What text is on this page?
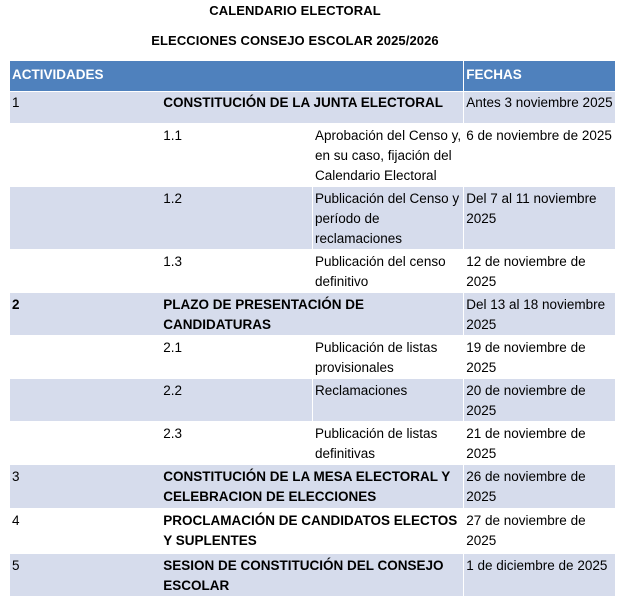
CALENDARIO ELECTORAL
ELECCIONES CONSEJO ESCOLAR 2025/2026
ACTIVIDADES			FECHAS
1	CONSTITUCIÓN DE LA JUNTA ELECTORAL		Antes 3 noviembre 2025
	1.1	Aprobación del Censo y, en su caso, fijación del Calendario Electoral	6 de noviembre de 2025
	1.2	Publicación del Censo y período de reclamaciones	Del 7 al 11 noviembre 2025
	1.3	Publicación del censo definitivo	12 de noviembre de 2025
2	PLAZO DE PRESENTACIÓN DE CANDIDATURAS		Del 13 al 18 noviembre 2025
	2.1	Publicación de listas provisionales	19 de noviembre de 2025
	2.2	Reclamaciones	20 de noviembre de 2025
	2.3	Publicación de listas definitivas	21 de noviembre de 2025
3	CONSTITUCIÓN DE LA MESA ELECTORAL Y CELEBRACION DE ELECCIONES		26 de noviembre de 2025
4	PROCLAMACIÓN DE CANDIDATOS ELECTOS Y SUPLENTES		27 de noviembre de 2025
5	SESION DE CONSTITUCIÓN DEL CONSEJO ESCOLAR		1 de diciembre de 2025
